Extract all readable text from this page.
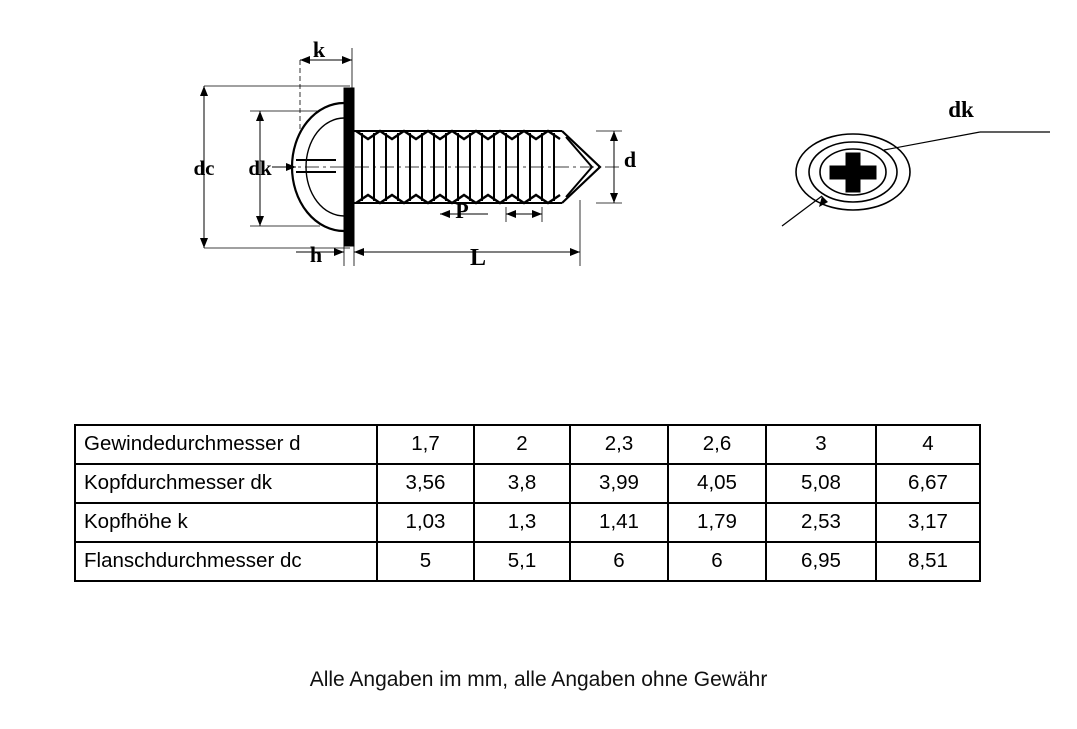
k
dc dk
h	L
P
d
dk
Gewindedurchmesser d	1,7	2	2,3	2,6	3	4
Kopfdurchmesser dk	3,56	3,8	3,99	4,05	5,08	6,67
Kopfhöhe k	1,03	1,3	1,41	1,79	2,53	3,17
Flanschdurchmesser dc	5	5,1	6	6	6,95	8,51
Alle Angaben im mm, alle Angaben ohne Gewähr
